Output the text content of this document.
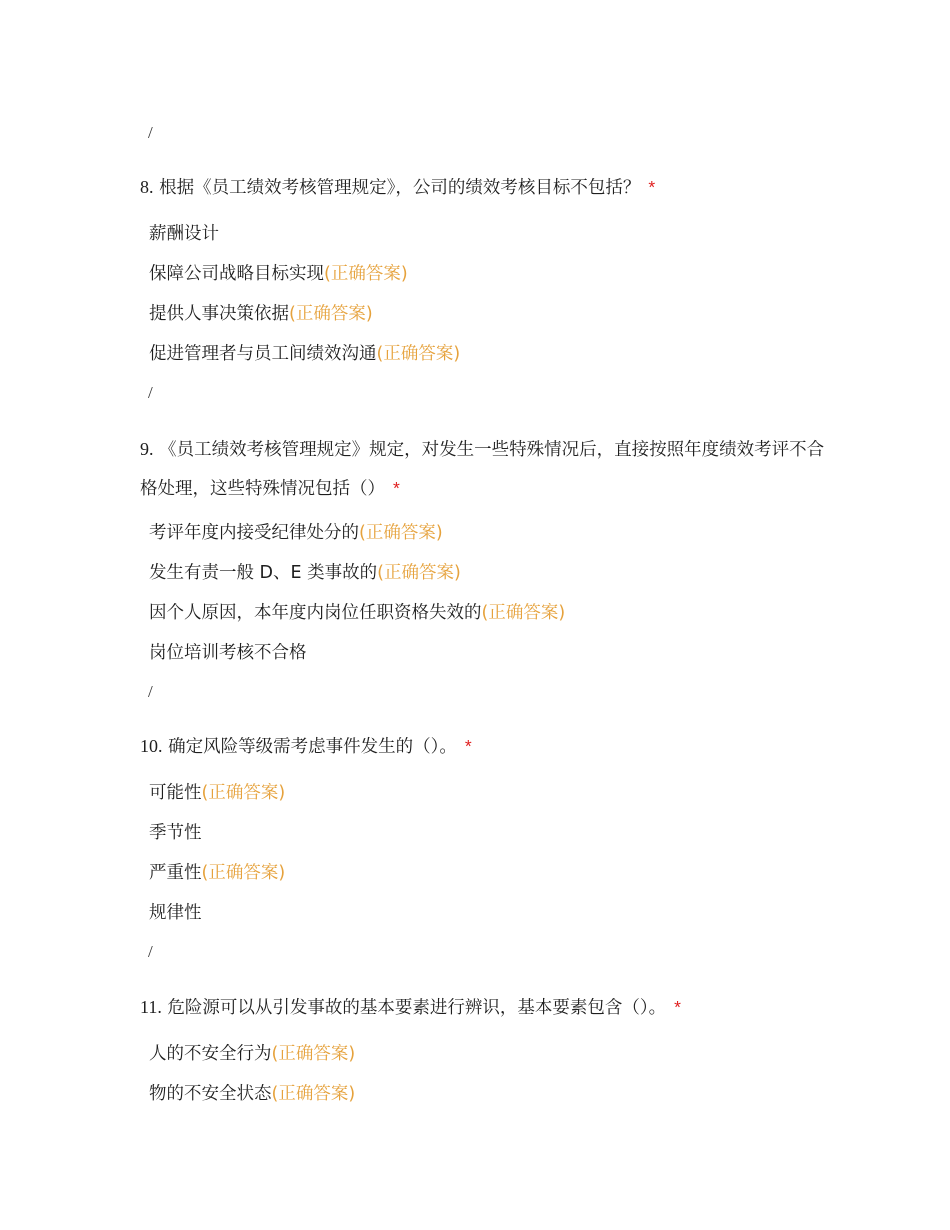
/
8. 根据《员工绩效考核管理规定》，公司的绩效考核目标不包括？ *
薪酬设计
保障公司战略目标实现(正确答案)
提供人事决策依据(正确答案)
促进管理者与员工间绩效沟通(正确答案)
/
9. 《员工绩效考核管理规定》规定，对发生一些特殊情况后，直接按照年度绩效考评不合格处理，这些特殊情况包括（） *
考评年度内接受纪律处分的(正确答案)
发生有责一般 D、E 类事故的(正确答案)
因个人原因，本年度内岗位任职资格失效的(正确答案)
岗位培训考核不合格
/
10. 确定风险等级需考虑事件发生的（）。 *
可能性(正确答案)
季节性
严重性(正确答案)
规律性
/
11. 危险源可以从引发事故的基本要素进行辨识，基本要素包含（）。 *
人的不安全行为(正确答案)
物的不安全状态(正确答案)
